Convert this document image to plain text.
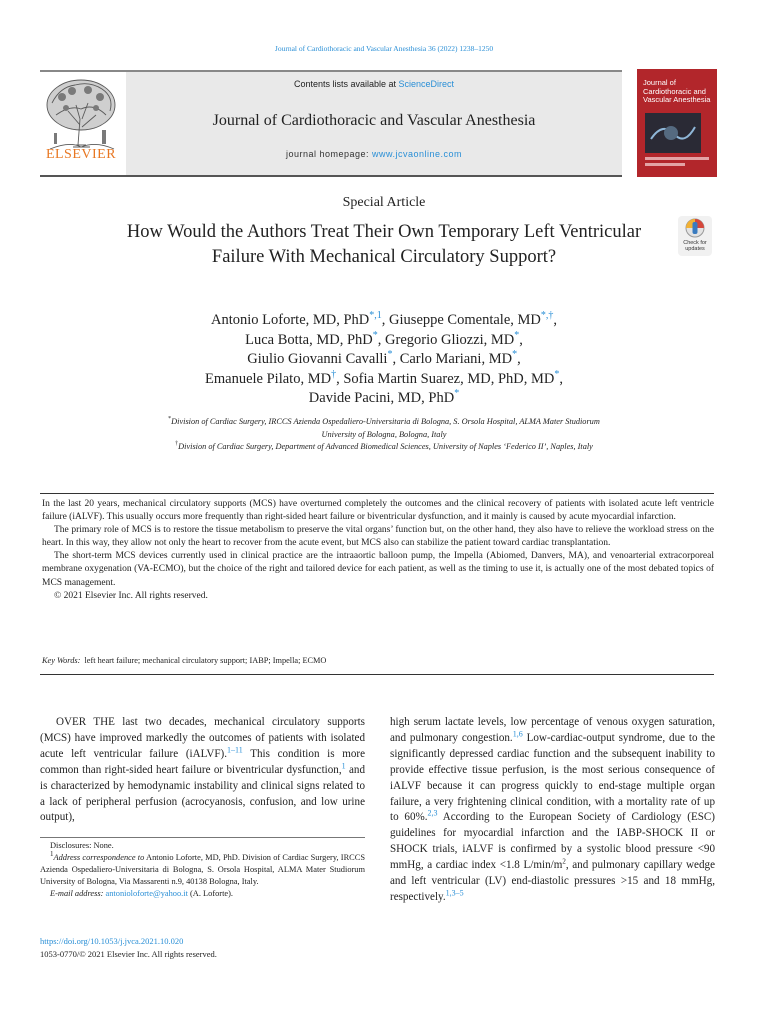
Journal of Cardiothoracic and Vascular Anesthesia 36 (2022) 1238–1250
Contents lists available at ScienceDirect
Journal of Cardiothoracic and Vascular Anesthesia
journal homepage: www.jcvaonline.com
ELSEVIER
Journal of Cardiothoracic and Vascular Anesthesia
Special Article
How Would the Authors Treat Their Own Temporary Left Ventricular Failure With Mechanical Circulatory Support?
Check for updates
Antonio Loforte, MD, PhD$^{*,1}$, Giuseppe Comentale, MD*,†,
Luca Botta, MD, PhD*, Gregorio Gliozzi, MD*,
Giulio Giovanni Cavalli*, Carlo Mariani, MD*,
Emanuele Pilato, MD†, Sofia Martin Suarez, MD, PhD, MD*,
Davide Pacini, MD, PhD*
*Division of Cardiac Surgery, IRCCS Azienda Ospedaliero-Universitaria di Bologna, S. Orsola Hospital, ALMA Mater Studiorum University of Bologna, Bologna, Italy
†Division of Cardiac Surgery, Department of Advanced Biomedical Sciences, University of Naples ‘Federico II’, Naples, Italy

In the last 20 years, mechanical circulatory supports (MCS) have overturned completely the outcomes and the clinical recovery of patients with isolated acute left ventricle failure (iALVF). This usually occurs more frequently than right-sided heart failure or biventricular dysfunction, and it mainly is caused by acute myocardial infarction.

The primary role of MCS is to restore the tissue metabolism to preserve the vital organs’ function but, on the other hand, they also have to relieve the workload stress on the heart. In this way, they allow not only the heart to recover from the acute event, but MCS also can stabilize the patient toward cardiac transplantation.

The short-term MCS devices currently used in clinical practice are the intraaortic balloon pump, the Impella (Abiomed, Danvers, MA), and venoarterial extracorporeal membrane oxygenation (VA-ECMO), but the choice of the right and tailored device for each patient, as well as the timing to use it, is actually one of the most debated topics of MCS management.

© 2021 Elsevier Inc. All rights reserved.

Key Words: left heart failure; mechanical circulatory support; IABP; Impella; ECMO

OVER THE last two decades, mechanical circulatory supports (MCS) have improved markedly the outcomes of patients with isolated acute left ventricular failure (iALVF).$^{1-11}$ This condition is more common than right-sided heart failure or biventricular dysfunction,$^1$ and is characterized by hemodynamic instability and clinical signs related to a lack of peripheral perfusion (acrocyanosis, confusion, and low urine output),

Disclosures: None.

$^1$Address correspondence to Antonio Loforte, MD, PhD. Division of Cardiac Surgery, IRCCS Azienda Ospedaliero-Universitaria di Bologna, S. Orsola Hospital, ALMA Mater Studiorum University of Bologna, Via Massarenti n.9, 40138 Bologna, Italy.

E-mail address: antonioloforte@yahoo.it (A. Loforte).

high serum lactate levels, low percentage of venous oxygen saturation, and pulmonary congestion.$^{1,6}$ Low-cardiac-output syndrome, due to the significantly depressed cardiac function and the subsequent inability to provide effective tissue perfusion, is the most serious consequence of iALVF because it can progress quickly to end-stage multiple organ failure, a very frightening clinical condition, with a mortality rate of up to 60%.$^{2,3}$ According to the European Society of Cardiology (ESC) guidelines for myocardial infarction and the IABP-SHOCK II or SHOCK trials, iALVF is confirmed by a systolic blood pressure <90 mmHg, a cardiac index <1.8 $L/\min/m^2$, and pulmonary capillary wedge and left ventricular (LV) end-diastolic pressures >15 and 18 mmHg, respectively.$^{1,3-5}$

https://doi.org/10.1053/j.jvca.2021.10.020
1053-0770/© 2021 Elsevier Inc. All rights reserved.
